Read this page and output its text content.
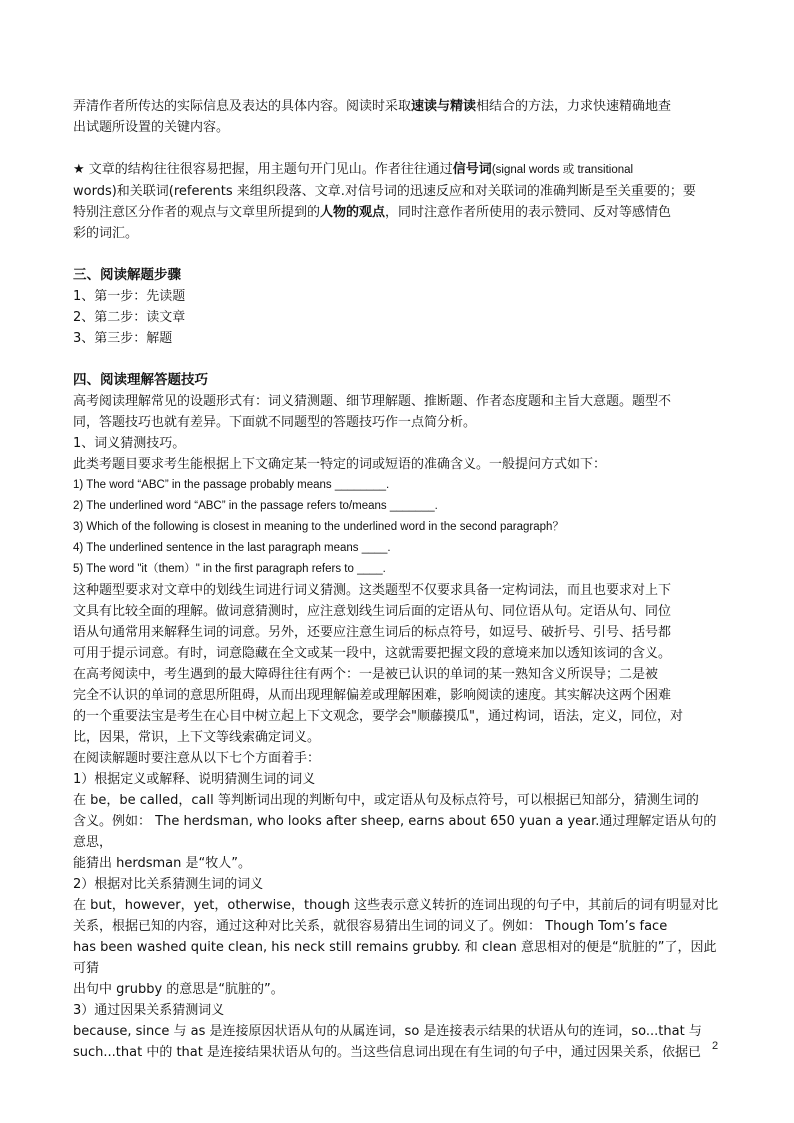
弄清作者所传达的实际信息及表达的具体内容。阅读时采取速读与精读相结合的方法，力求快速精确地查

出试题所设置的关键内容。

★ 文章的结构往往很容易把握，用主题句开门见山。作者往往通过信号词(signal words 或 transitional

words)和关联词(referents 来组织段落、文章.对信号词的迅速反应和对关联词的准确判断是至关重要的；要

特别注意区分作者的观点与文章里所提到的人物的观点，同时注意作者所使用的表示赞同、反对等感情色

彩的词汇。

三、阅读解题步骤

1、第一步：先读题

2、第二步：读文章

3、第三步：解题

四、阅读理解答题技巧

高考阅读理解常见的设题形式有：词义猜测题、细节理解题、推断题、作者态度题和主旨大意题。题型不

同，答题技巧也就有差异。下面就不同题型的答题技巧作一点简分析。

1、词义猜测技巧。

此类考题目要求考生能根据上下文确定某一特定的词或短语的准确含义。一般提问方式如下：

1) The word “ABC” in the passage probably means ________.

2) The underlined word “ABC” in the passage refers to/means _______.

3) Which of the following is closest in meaning to the underlined word in the second paragraph？

4) The underlined sentence in the last paragraph means ____.

5) The word "it（them）" in the first paragraph refers to ____.

这种题型要求对文章中的划线生词进行词义猜测。这类题型不仅要求具备一定构词法，而且也要求对上下

文具有比较全面的理解。做词意猜测时，应注意划线生词后面的定语从句、同位语从句。定语从句、同位

语从句通常用来解释生词的词意。另外，还要应注意生词后的标点符号，如逗号、破折号、引号、括号都

可用于提示词意。有时，词意隐藏在全文或某一段中，这就需要把握文段的意境来加以透知该词的含义。

在高考阅读中，考生遇到的最大障碍往往有两个：一是被已认识的单词的某一熟知含义所误导；二是被

完全不认识的单词的意思所阻碍，从而出现理解偏差或理解困难，影响阅读的速度。其实解决这两个困难

的一个重要法宝是考生在心目中树立起上下文观念，要学会"顺藤摸瓜"，通过构词，语法，定义，同位，对

比，因果，常识，上下文等线索确定词义。

在阅读解题时要注意从以下七个方面着手：

1）根据定义或解释、说明猜测生词的词义

在 be，be called，call 等判断词出现的判断句中，或定语从句及标点符号，可以根据已知部分，猜测生词的

含义。例如： The herdsman, who looks after sheep, earns about 650 yuan a year.通过理解定语从句的意思，

能猜出 herdsman 是“牧人”。

2）根据对比关系猜测生词的词义

在 but，however，yet，otherwise，though 这些表示意义转折的连词出现的句子中，其前后的词有明显对比

关系，根据已知的内容，通过这种对比关系，就很容易猜出生词的词义了。例如： Though Tom’s face

has been washed quite clean, his neck still remains grubby. 和 clean 意思相对的便是“肮脏的”了，因此可猜

出句中 grubby 的意思是“肮脏的”。

3）通过因果关系猜测词义

because, since 与 as 是连接原因状语从句的从属连词，so 是连接表示结果的状语从句的连词，so...that 与

such...that 中的 that 是连接结果状语从句的。当这些信息词出现在有生词的句子中，通过因果关系，依据已	2
